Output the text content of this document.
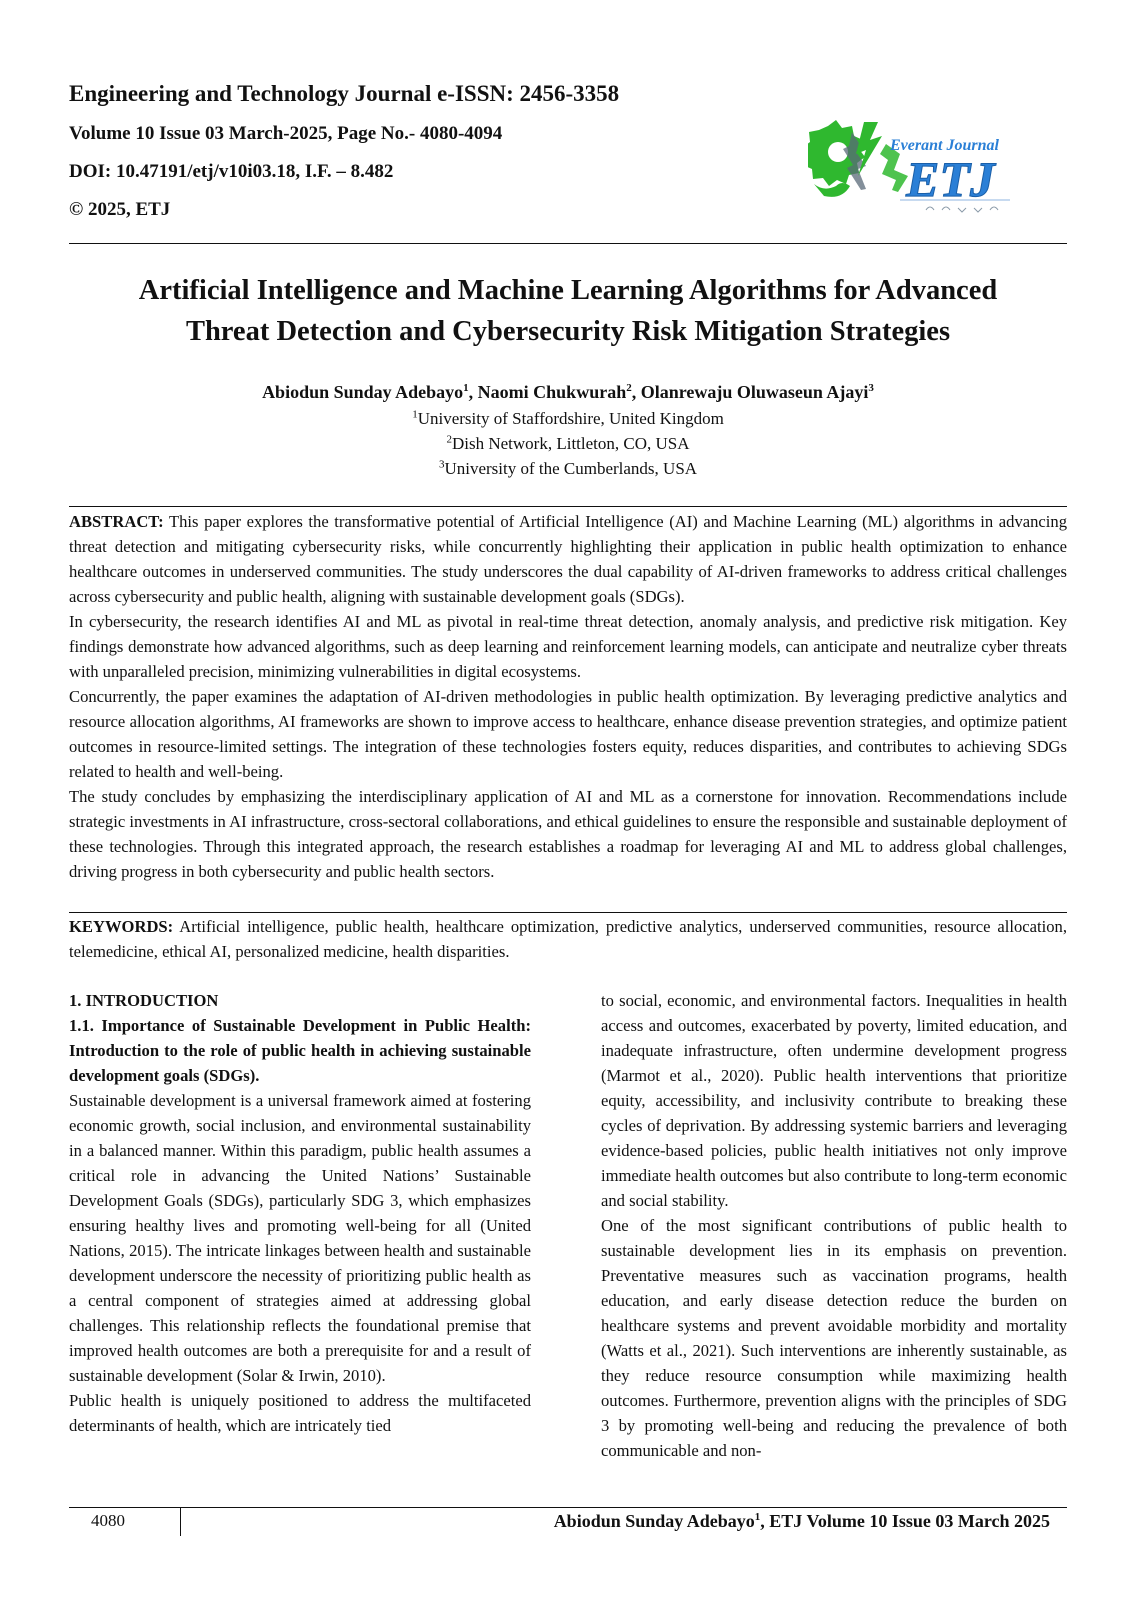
Engineering and Technology Journal e-ISSN: 2456-3358

Volume 10 Issue 03 March-2025, Page No.- 4080-4094

DOI: 10.47191/etj/v10i03.18, I.F. – 8.482

© 2025, ETJ

Everant Journal
ETJ
Artificial Intelligence and Machine Learning Algorithms for Advanced
Threat Detection and Cybersecurity Risk Mitigation Strategies
Abiodun Sunday Adebayo$^1$, Naomi Chukwurah$^2$, Olanrewaju Oluwaseun Ajayi$^3$
$^1$University of Staffordshire, United Kingdom
$^2$Dish Network, Littleton, CO, USA
$^3$University of the Cumberlands, USA

ABSTRACT: This paper explores the transformative potential of Artificial Intelligence (AI) and Machine Learning (ML) algorithms in advancing threat detection and mitigating cybersecurity risks, while concurrently highlighting their application in public health optimization to enhance healthcare outcomes in underserved communities. The study underscores the dual capability of AI-driven frameworks to address critical challenges across cybersecurity and public health, aligning with sustainable development goals (SDGs).

In cybersecurity, the research identifies AI and ML as pivotal in real-time threat detection, anomaly analysis, and predictive risk mitigation. Key findings demonstrate how advanced algorithms, such as deep learning and reinforcement learning models, can anticipate and neutralize cyber threats with unparalleled precision, minimizing vulnerabilities in digital ecosystems.

Concurrently, the paper examines the adaptation of AI-driven methodologies in public health optimization. By leveraging predictive analytics and resource allocation algorithms, AI frameworks are shown to improve access to healthcare, enhance disease prevention strategies, and optimize patient outcomes in resource-limited settings. The integration of these technologies fosters equity, reduces disparities, and contributes to achieving SDGs related to health and well-being.

The study concludes by emphasizing the interdisciplinary application of AI and ML as a cornerstone for innovation. Recommendations include strategic investments in AI infrastructure, cross-sectoral collaborations, and ethical guidelines to ensure the responsible and sustainable deployment of these technologies. Through this integrated approach, the research establishes a roadmap for leveraging AI and ML to address global challenges, driving progress in both cybersecurity and public health sectors.

KEYWORDS: Artificial intelligence, public health, healthcare optimization, predictive analytics, underserved communities, resource allocation, telemedicine, ethical AI, personalized medicine, health disparities.

1. INTRODUCTION

1.1. Importance of Sustainable Development in Public Health: Introduction to the role of public health in achieving sustainable development goals (SDGs).

Sustainable development is a universal framework aimed at fostering economic growth, social inclusion, and environmental sustainability in a balanced manner. Within this paradigm, public health assumes a critical role in advancing the United Nations’ Sustainable Development Goals (SDGs), particularly SDG 3, which emphasizes ensuring healthy lives and promoting well-being for all (United Nations, 2015). The intricate linkages between health and sustainable development underscore the necessity of prioritizing public health as a central component of strategies aimed at addressing global challenges. This relationship reflects the foundational premise that improved health outcomes are both a prerequisite for and a result of sustainable development (Solar & Irwin, 2010).

Public health is uniquely positioned to address the multifaceted determinants of health, which are intricately tied

to social, economic, and environmental factors. Inequalities in health access and outcomes, exacerbated by poverty, limited education, and inadequate infrastructure, often undermine development progress (Marmot et al., 2020). Public health interventions that prioritize equity, accessibility, and inclusivity contribute to breaking these cycles of deprivation. By addressing systemic barriers and leveraging evidence-based policies, public health initiatives not only improve immediate health outcomes but also contribute to long-term economic and social stability.

One of the most significant contributions of public health to sustainable development lies in its emphasis on prevention. Preventative measures such as vaccination programs, health education, and early disease detection reduce the burden on healthcare systems and prevent avoidable morbidity and mortality (Watts et al., 2021). Such interventions are inherently sustainable, as they reduce resource consumption while maximizing health outcomes. Furthermore, prevention aligns with the principles of SDG 3 by promoting well-being and reducing the prevalence of both communicable and non-

4080	Abiodun Sunday Adebayo$^1$, ETJ Volume 10 Issue 03 March 2025
